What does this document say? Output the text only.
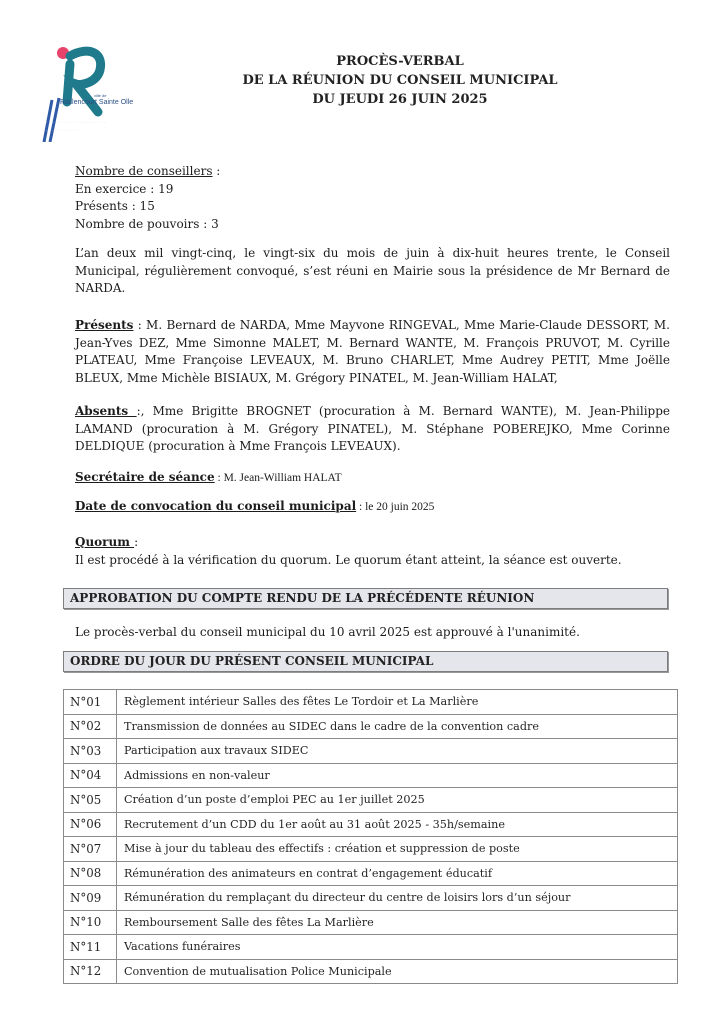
ville de
Raillencourt Sainte Olle
· · · · · · · · · · · · · · · · · · · ·
· · · · · · · · · · ·
PROCÈS-VERBAL
DE LA RÉUNION DU CONSEIL MUNICIPAL
DU JEUDI 26 JUIN 2025
Nombre de conseillers :
En exercice : 19
Présents : 15
Nombre de pouvoirs : 3
L’an deux mil vingt-cinq, le vingt-six du mois de juin à dix-huit heures trente, le Conseil Municipal, régulièrement convoqué, s’est réuni en Mairie sous la présidence de Mr Bernard de NARDA.
Présents : M. Bernard de NARDA, Mme Mayvone RINGEVAL, Mme Marie-Claude DESSORT, M. Jean-Yves DEZ, Mme Simonne MALET, M. Bernard WANTE, M. François PRUVOT, M. Cyrille PLATEAU, Mme Françoise LEVEAUX, M. Bruno CHARLET, Mme Audrey PETIT, Mme Joëlle BLEUX, Mme Michèle BISIAUX, M. Grégory PINATEL, M. Jean-William HALAT,
Absents :, Mme Brigitte BROGNET (procuration à M. Bernard WANTE), M. Jean-Philippe LAMAND (procuration à M. Grégory PINATEL), M. Stéphane POBEREJKO, Mme Corinne DELDIQUE (procuration à Mme François LEVEAUX).
Secrétaire de séance : M. Jean-William HALAT
Date de convocation du conseil municipal : le 20 juin 2025
Quorum :
Il est procédé à la vérification du quorum. Le quorum étant atteint, la séance est ouverte.
APPROBATION DU COMPTE RENDU DE LA PRÉCÉDENTE RÉUNION
Le procès-verbal du conseil municipal du 10 avril 2025 est approuvé à l'unanimité.
ORDRE DU JOUR DU PRÉSENT CONSEIL MUNICIPAL
N°01	Règlement intérieur Salles des fêtes Le Tordoir et La Marlière
N°02	Transmission de données au SIDEC dans le cadre de la convention cadre
N°03	Participation aux travaux SIDEC
N°04	Admissions en non-valeur
N°05	Création d’un poste d’emploi PEC au 1er juillet 2025
N°06	Recrutement d’un CDD du 1er août au 31 août 2025 - 35h/semaine
N°07	Mise à jour du tableau des effectifs : création et suppression de poste
N°08	Rémunération des animateurs en contrat d’engagement éducatif
N°09	Rémunération du remplaçant du directeur du centre de loisirs lors d’un séjour
N°10	Remboursement Salle des fêtes La Marlière
N°11	Vacations funéraires
N°12	Convention de mutualisation Police Municipale
